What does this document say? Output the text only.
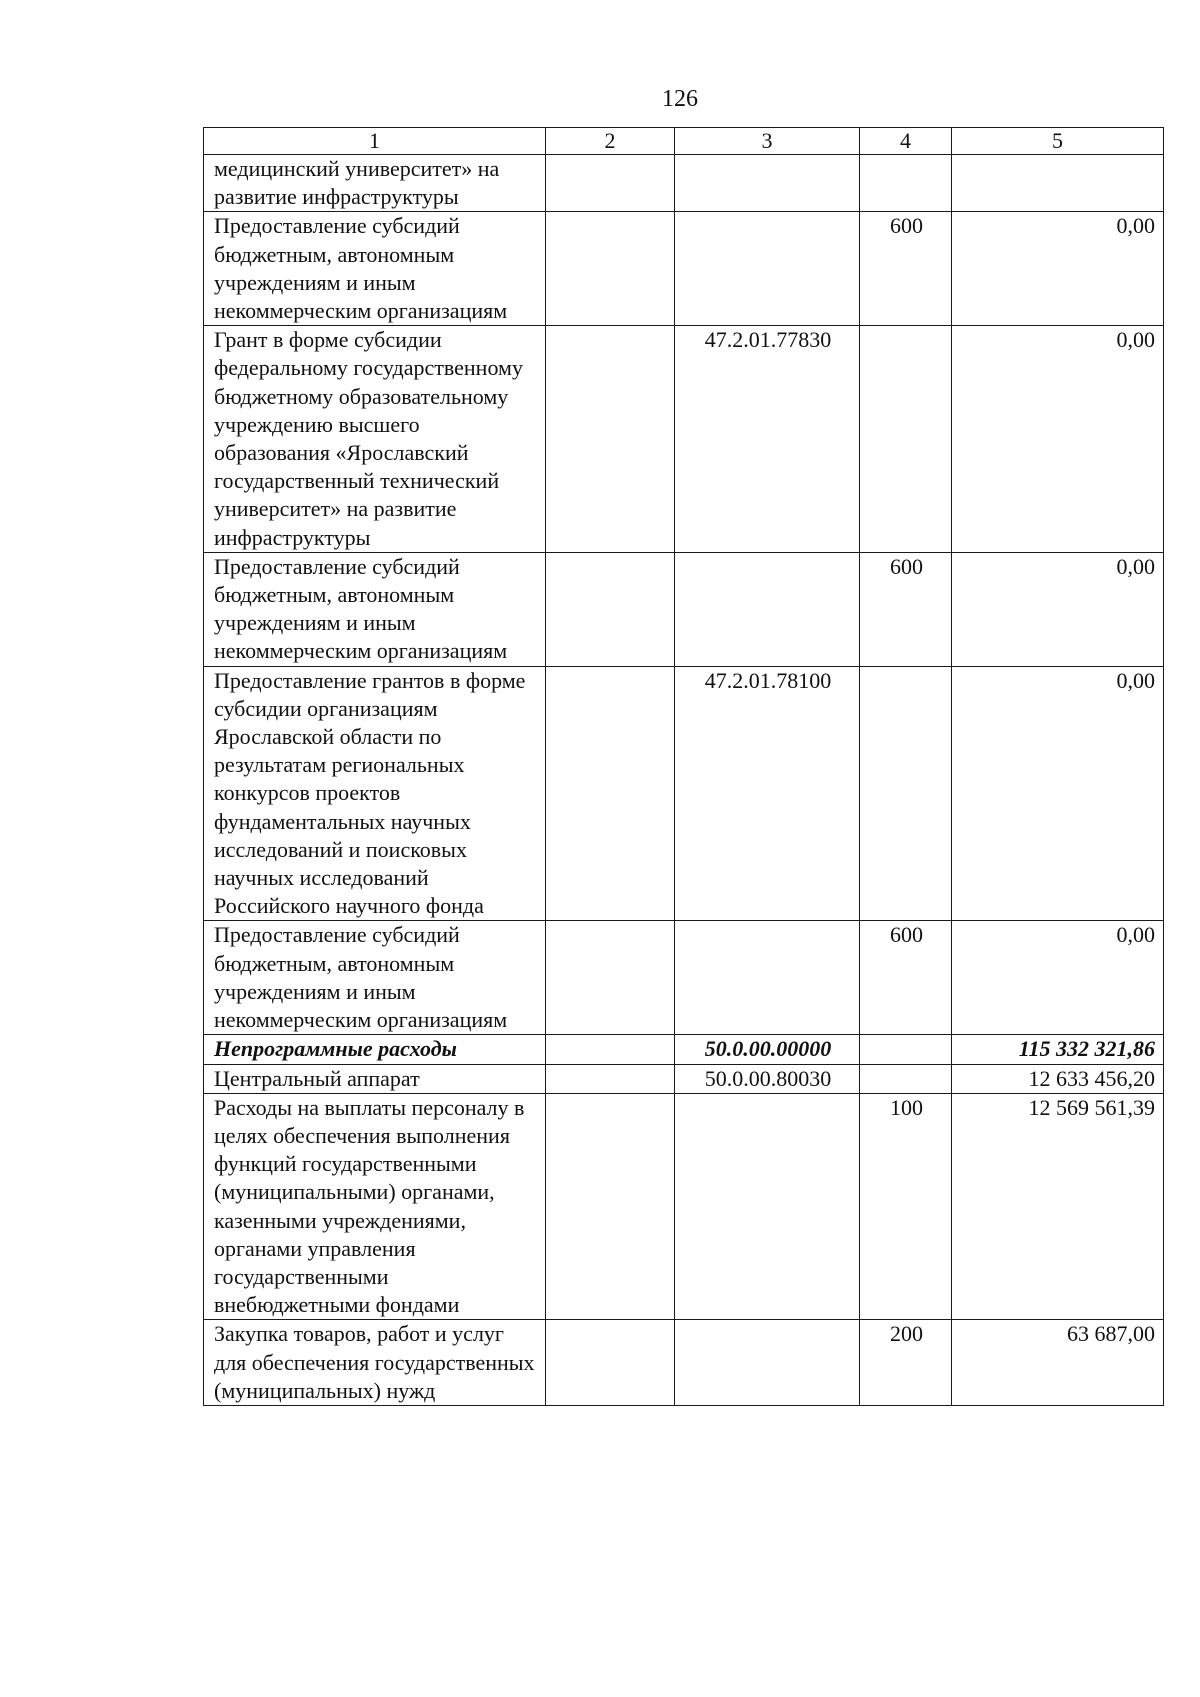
126
1	2	3	4	5
медицинский университет» на развитие инфраструктуры				
Предоставление субсидий бюджетным, автономным учреждениям и иным некоммерческим организациям			600	0,00
Грант в форме субсидии федеральному государственному бюджетному образовательному учреждению высшего образования «Ярославский государственный технический университет» на развитие инфраструктуры		47.2.01.77830		0,00
Предоставление субсидий бюджетным, автономным учреждениям и иным некоммерческим организациям			600	0,00
Предоставление грантов в форме субсидии организациям Ярославской области по результатам региональных конкурсов проектов фундаментальных научных исследований и поисковых научных исследований Российского научного фонда		47.2.01.78100		0,00
Предоставление субсидий бюджетным, автономным учреждениям и иным некоммерческим организациям			600	0,00
Непрограммные расходы		50.0.00.00000		115 332 321,86
Центральный аппарат		50.0.00.80030		12 633 456,20
Расходы на выплаты персоналу в целях обеспечения выполнения функций государственными (муниципальными) органами, казенными учреждениями, органами управления государственными внебюджетными фондами			100	12 569 561,39
Закупка товаров, работ и услуг для обеспечения государственных (муниципальных) нужд			200	63 687,00
